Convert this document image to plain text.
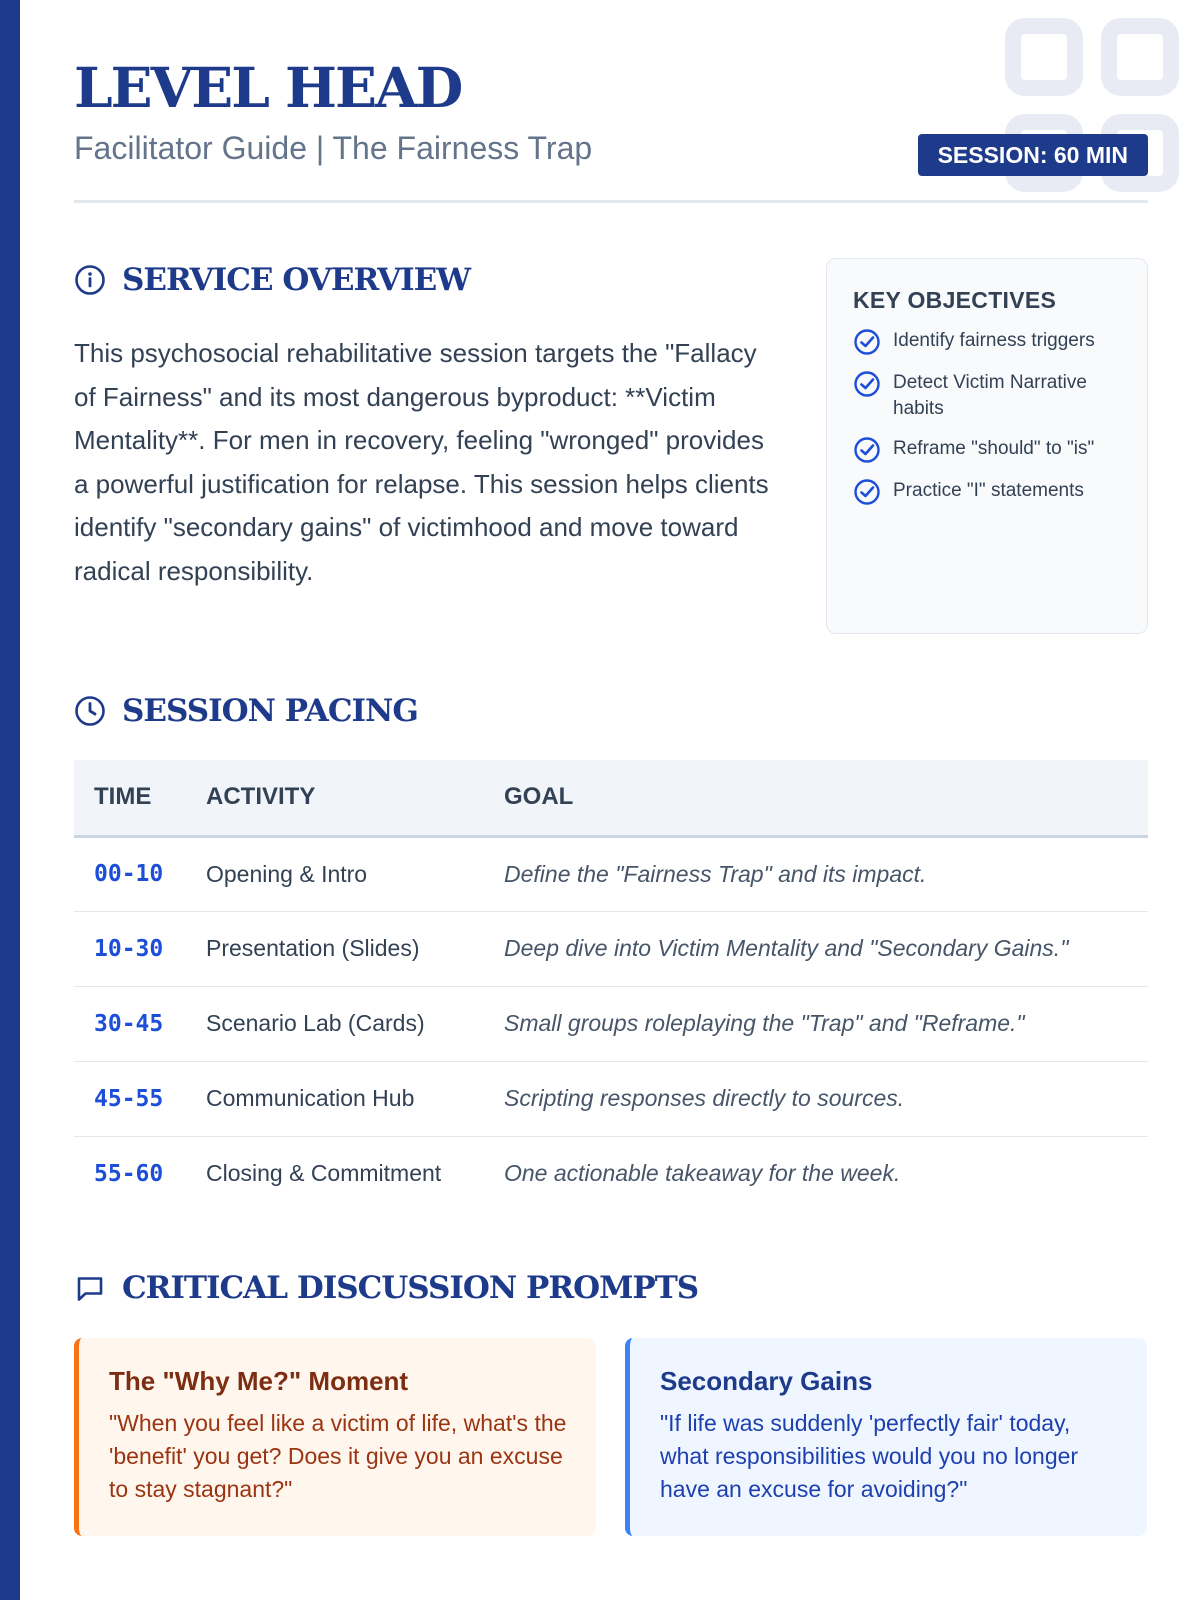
LEVEL HEAD
Facilitator Guide | The Fairness Trap	SESSION: 60 MIN
SERVICE OVERVIEW

This psychosocial rehabilitative session targets the "Fallacy of Fairness" and its most dangerous byproduct: **Victim Mentality**. For men in recovery, feeling "wronged" provides a powerful justification for relapse. This session helps clients identify "secondary gains" of victimhood and move toward radical responsibility.

KEY OBJECTIVES
Identify fairness triggers
Detect Victim Narrative habits
Reframe "should" to "is"
Practice "I" statements
SESSION PACING
TIME	ACTIVITY	GOAL
00-10	Opening & Intro	Define the "Fairness Trap" and its impact.
10-30	Presentation (Slides)	Deep dive into Victim Mentality and "Secondary Gains."
30-45	Scenario Lab (Cards)	Small groups roleplaying the "Trap" and "Reframe."
45-55	Communication Hub	Scripting responses directly to sources.
55-60	Closing & Commitment	One actionable takeaway for the week.
CRITICAL DISCUSSION PROMPTS
The "Why Me?" Moment

"When you feel like a victim of life, what's the 'benefit' you get? Does it give you an excuse to stay stagnant?"

Secondary Gains

"If life was suddenly 'perfectly fair' today, what responsibilities would you no longer have an excuse for avoiding?"
